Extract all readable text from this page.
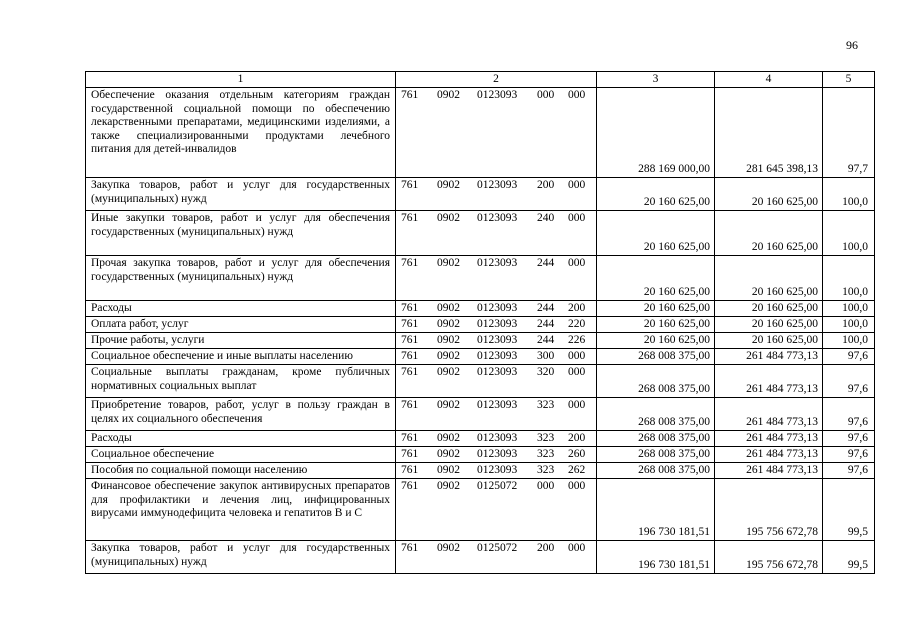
96
1	2	3	4	5
Обеспечение оказания отдельным категориям граждан государственной социальной помощи по обеспечению лекарственными препаратами, медицинскими изделиями, а также специализированными продуктами лечебного питания для детей-инвалидов	761 0902 0123093 000 000	288 169 000,00	281 645 398,13	97,7
Закупка товаров, работ и услуг для государственных (муниципальных) нужд	761 0902 0123093 200 000	20 160 625,00	20 160 625,00	100,0
Иные закупки товаров, работ и услуг для обеспечения государственных (муниципальных) нужд	761 0902 0123093 240 000	20 160 625,00	20 160 625,00	100,0
Прочая закупка товаров, работ и услуг для обеспечения государственных (муниципальных) нужд	761 0902 0123093 244 000	20 160 625,00	20 160 625,00	100,0
Расходы	761 0902 0123093 244 200	20 160 625,00	20 160 625,00	100,0
Оплата работ, услуг	761 0902 0123093 244 220	20 160 625,00	20 160 625,00	100,0
Прочие работы, услуги	761 0902 0123093 244 226	20 160 625,00	20 160 625,00	100,0
Социальное обеспечение и иные выплаты населению	761 0902 0123093 300 000	268 008 375,00	261 484 773,13	97,6
Социальные выплаты гражданам, кроме публичных нормативных социальных выплат	761 0902 0123093 320 000	268 008 375,00	261 484 773,13	97,6
Приобретение товаров, работ, услуг в пользу граждан в целях их социального обеспечения	761 0902 0123093 323 000	268 008 375,00	261 484 773,13	97,6
Расходы	761 0902 0123093 323 200	268 008 375,00	261 484 773,13	97,6
Социальное обеспечение	761 0902 0123093 323 260	268 008 375,00	261 484 773,13	97,6
Пособия по социальной помощи населению	761 0902 0123093 323 262	268 008 375,00	261 484 773,13	97,6
Финансовое обеспечение закупок антивирусных препаратов для профилактики и лечения лиц, инфицированных вирусами иммунодефицита человека и гепатитов В и С	761 0902 0125072 000 000	196 730 181,51	195 756 672,78	99,5
Закупка товаров, работ и услуг для государственных (муниципальных) нужд	761 0902 0125072 200 000	196 730 181,51	195 756 672,78	99,5
